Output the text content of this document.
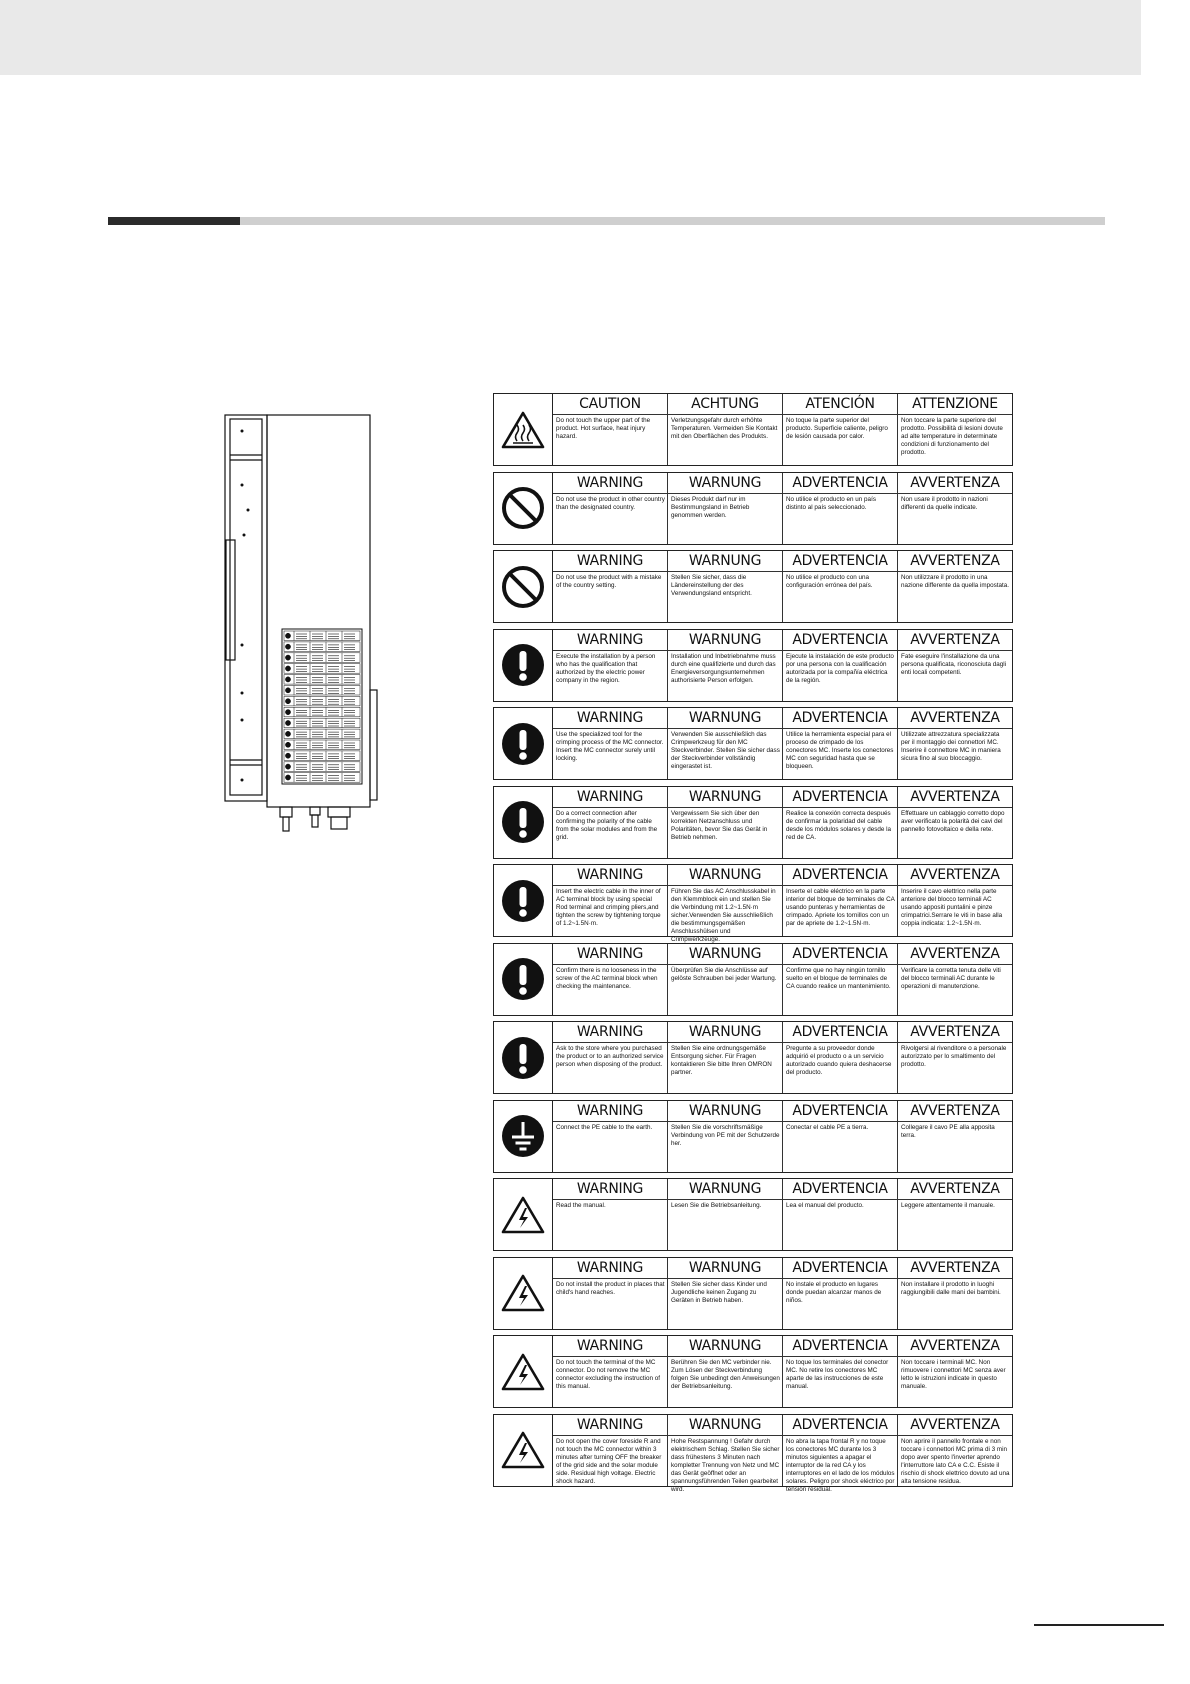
CAUTION
Do not touch the upper part of the product. Hot surface, heat injury hazard.
ACHTUNG
Verletzungsgefahr durch erhöhte Temperaturen. Vermeiden Sie Kontakt mit den Oberflächen des Produkts.
ATENCIÓN
No toque la parte superior del producto. Superficie caliente, peligro de lesión causada por calor.
ATTENZIONE
Non toccare la parte superiore del prodotto. Possibilità di lesioni dovute ad alte temperature in determinate condizioni di funzionamento del prodotto.
WARNING
Do not use the product in other country than the designated country.
WARNUNG
Dieses Produkt darf nur im Bestimmungsland in Betrieb genommen werden.
ADVERTENCIA
No utilice el producto en un país distinto al país seleccionado.
AVVERTENZA
Non usare il prodotto in nazioni differenti da quelle indicate.
WARNING
Do not use the product with a mistake of the country setting.
WARNUNG
Stellen Sie sicher, dass die Ländereinstellung der des Verwendungsland entspricht.
ADVERTENCIA
No utilice el producto con una configuración errónea del país.
AVVERTENZA
Non utilizzare il prodotto in una nazione differente da quella impostata.
WARNING
Execute the installation by a person who has the qualification that authorized by the electric power company in the region.
WARNUNG
Installation und Inbetriebnahme muss durch eine qualifizierte und durch das Energieversorgungsunternehmen authorisierte Person erfolgen.
ADVERTENCIA
Ejecute la instalación de este producto por una persona con la cualificación autorizada por la compañía eléctrica de la región.
AVVERTENZA
Fate eseguire l'installazione da una persona qualificata, riconosciuta dagli enti locali competenti.
WARNING
Use the specialized tool for the crimping process of the MC connector. Insert the MC connector surely until locking.
WARNUNG
Verwenden Sie ausschließlich das Crimpwerkzeug für den MC Steckverbinder. Stellen Sie sicher dass der Steckverbinder vollständig eingerastet ist.
ADVERTENCIA
Utilice la herramienta especial para el proceso de crimpado de los conectores MC. Inserte los conectores MC con seguridad hasta que se bloqueen.
AVVERTENZA
Utilizzate attrezzatura specializzata per il montaggio dei connettori MC. Inserire il connettore MC in maniera sicura fino al suo bloccaggio.
WARNING
Do a correct connection after confirming the polarity of the cable from the solar modules and from the grid.
WARNUNG
Vergewissern Sie sich über den korrekten Netzanschluss und Polaritäten, bevor Sie das Gerät in Betrieb nehmen.
ADVERTENCIA
Realice la conexión correcta después de confirmar la polaridad del cable desde los módulos solares y desde la red de CA.
AVVERTENZA
Effettuare un cablaggio corretto dopo aver verificato la polarità dei cavi del pannello fotovoltaico e della rete.
WARNING
Insert the electric cable in the inner of AC terminal block by using special Rod terminal and crimping pliers,and tighten the screw by tightening torque of 1.2~1.5N·m.
WARNUNG
Führen Sie das AC Anschlusskabel in den Klemmblock ein und stellen Sie die Verbindung mit 1.2~1.5N·m sicher.Verwenden Sie ausschließlich die bestimmungsgemäßen Anschlusshülsen und Crimpwerkzeuge.
ADVERTENCIA
Inserte el cable eléctrico en la parte interior del bloque de terminales de CA usando punteras y herramientas de crimpado. Apriete los tornillos con un par de apriete de 1.2~1.5N·m.
AVVERTENZA
Inserire il cavo elettrico nella parte anteriore del blocco terminali AC usando appositi puntalini e pinze crimpatrici.Serrare le viti in base alla coppia indicata: 1.2~1.5N·m.
WARNING
Confirm there is no looseness in the screw of the AC terminal block when checking the maintenance.
WARNUNG
Überprüfen Sie die Anschlüsse auf gelöste Schrauben bei jeder Wartung.
ADVERTENCIA
Confirme que no hay ningún tornillo suelto en el bloque de terminales de CA cuando realice un mantenimiento.
AVVERTENZA
Verificare la corretta tenuta delle viti del blocco terminali AC durante le operazioni di manutenzione.
WARNING
Ask to the store where you purchased the product or to an authorized service person when disposing of the product.
WARNUNG
Stellen Sie eine ordnungsgemäße Entsorgung sicher. Für Fragen kontaktieren Sie bitte Ihren OMRON partner.
ADVERTENCIA
Pregunte a su proveedor donde adquirió el producto o a un servicio autorizado cuando quiera deshacerse del producto.
AVVERTENZA
Rivolgersi al rivenditore o a personale autorizzato per lo smaltimento del prodotto.
WARNING
Connect the PE cable to the earth.
WARNUNG
Stellen Sie die vorschriftsmäßige Verbindung von PE mit der Schutzerde her.
ADVERTENCIA
Conectar el cable PE a tierra.
AVVERTENZA
Collegare il cavo PE alla apposita terra.
WARNING
Read the manual.
WARNUNG
Lesen Sie die Betriebsanleitung.
ADVERTENCIA
Lea el manual del producto.
AVVERTENZA
Leggere attentamente il manuale.
WARNING
Do not install the product in places that child's hand reaches.
WARNUNG
Stellen Sie sicher dass Kinder und Jugendliche keinen Zugang zu Geräten in Betrieb haben.
ADVERTENCIA
No instale el producto en lugares donde puedan alcanzar manos de niños.
AVVERTENZA
Non installare il prodotto in luoghi raggiungibili dalle mani dei bambini.
WARNING
Do not touch the terminal of the MC connector. Do not remove the MC connector excluding the instruction of this manual.
WARNUNG
Berühren Sie den MC verbinder nie. Zum Lösen der Steckverbindung folgen Sie unbedingt den Anweisungen der Betriebsanleitung.
ADVERTENCIA
No toque los terminales del conector MC. No retire los conectores MC aparte de las instrucciones de este manual.
AVVERTENZA
Non toccare i terminali MC. Non rimuovere i connettori MC senza aver letto le istruzioni indicate in questo manuale.
WARNING
Do not open the cover foreside R and not touch the MC connector within 3 minutes after turning OFF the breaker of the grid side and the solar module side. Residual high voltage. Electric shock hazard.
WARNUNG
Hohe Restspannung ! Gefahr durch elektrischem Schlag. Stellen Sie sicher dass frühestens 3 Minuten nach kompletter Trennung von Netz und MC das Gerät geöffnet oder an spannungsführenden Teilen gearbeitet wird.
ADVERTENCIA
No abra la tapa frontal R y no toque los conectores MC durante los 3 minutos siguientes a apagar el interruptor de la red CA y los interruptores en el lado de los módulos solares. Peligro por shock eléctrico por tensión residual.
AVVERTENZA
Non aprire il pannello frontale e non toccare i connettori MC prima di 3 min dopo aver spento l'inverter aprendo l'interruttore lato CA e C.C. Esiste il rischio di shock elettrico dovuto ad una alta tensione residua.
